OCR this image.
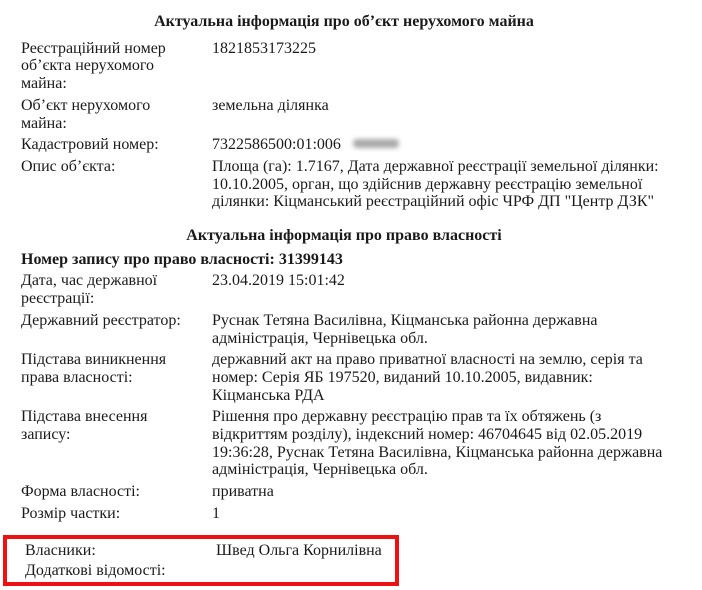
Актуальна інформація про об’єкт нерухомого майна
Реєстраційний номер об’єкта нерухомого майна:
1821853173225
Об’єкт нерухомого майна:
земельна ділянка
Кадастровий номер:	7322586500:01:006
Опис об’єкта:	Площа (га): 1.7167, Дата державної реєстрації земельної ділянки: 10.10.2005, орган, що здійснив державну реєстрацію земельної ділянки: Кіцманський реєстраційний офіс ЧРФ ДП "Центр ДЗК"
Актуальна інформація про право власності
Номер запису про право власності: 31399143
Дата, час державної реєстрації:
23.04.2019 15:01:42
Державний реєстратор:	Руснак Тетяна Василівна, Кіцманська районна державна адміністрація, Чернівецька обл.
Підстава виникнення права власності:
державний акт на право приватної власності на землю, серія та номер: Серія ЯБ 197520, виданий 10.10.2005, видавник: Кіцманська РДА
Підстава внесення запису:
Рішення про державну реєстрацію прав та їх обтяжень (з відкриттям розділу), індексний номер: 46704645 від 02.05.2019 19:36:28, Руснак Тетяна Василівна, Кіцманська районна державна адміністрація, Чернівецька обл.
Форма власності:	приватна
Розмір частки:	1
Власники:	Швед Ольга Корнилівна
Додаткові відомості:
